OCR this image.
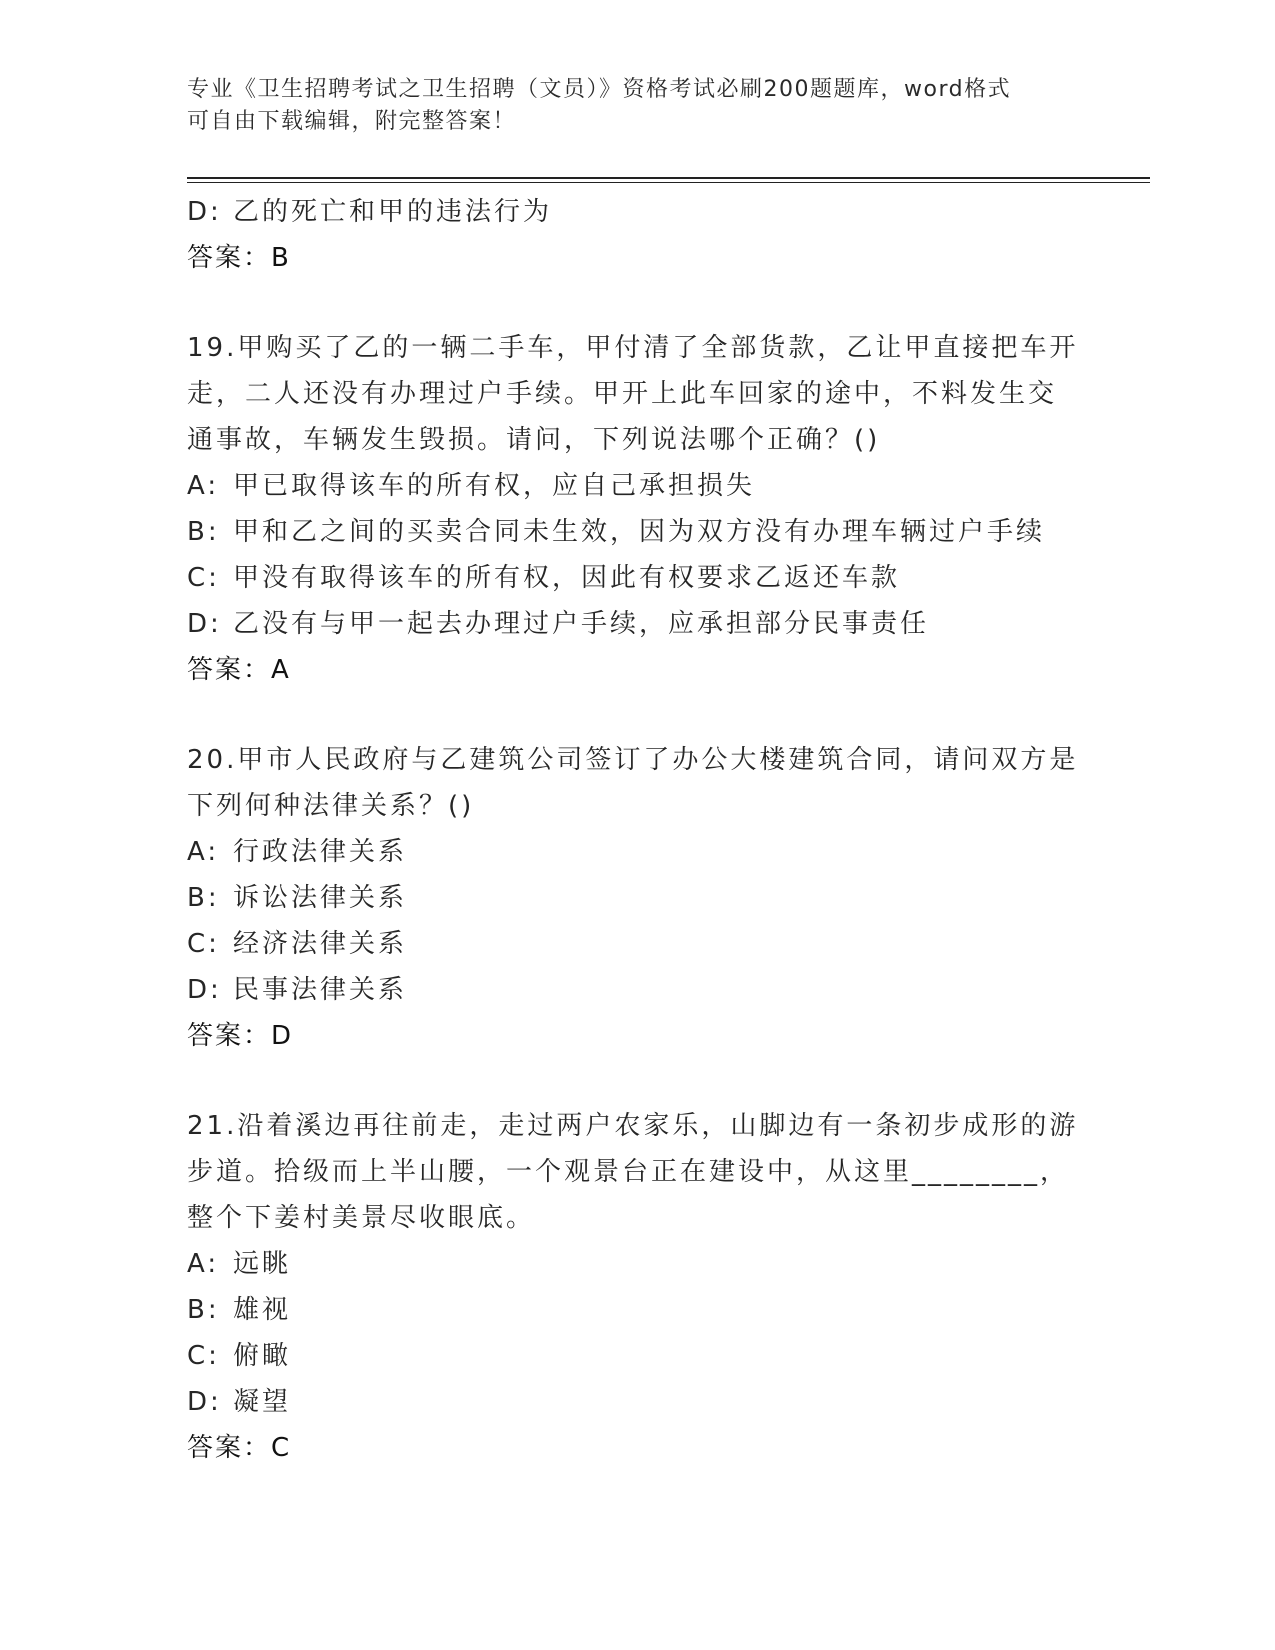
专业《卫生招聘考试之卫生招聘（文员）》资格考试必刷200题题库，word格式
可自由下载编辑，附完整答案！
D: 乙的死亡和甲的违法行为
答案：B
19.甲购买了乙的一辆二手车，甲付清了全部货款，乙让甲直接把车开
走，二人还没有办理过户手续。甲开上此车回家的途中，不料发生交
通事故，车辆发生毁损。请问，下列说法哪个正确？()
A: 甲已取得该车的所有权，应自己承担损失
B: 甲和乙之间的买卖合同未生效，因为双方没有办理车辆过户手续
C: 甲没有取得该车的所有权，因此有权要求乙返还车款
D: 乙没有与甲一起去办理过户手续，应承担部分民事责任
答案：A
20.甲市人民政府与乙建筑公司签订了办公大楼建筑合同，请问双方是
下列何种法律关系？()
A: 行政法律关系
B: 诉讼法律关系
C: 经济法律关系
D: 民事法律关系
答案：D
21.沿着溪边再往前走，走过两户农家乐，山脚边有一条初步成形的游
步道。拾级而上半山腰，一个观景台正在建设中，从这里________，
整个下姜村美景尽收眼底。
A: 远眺
B: 雄视
C: 俯瞰
D: 凝望
答案：C
